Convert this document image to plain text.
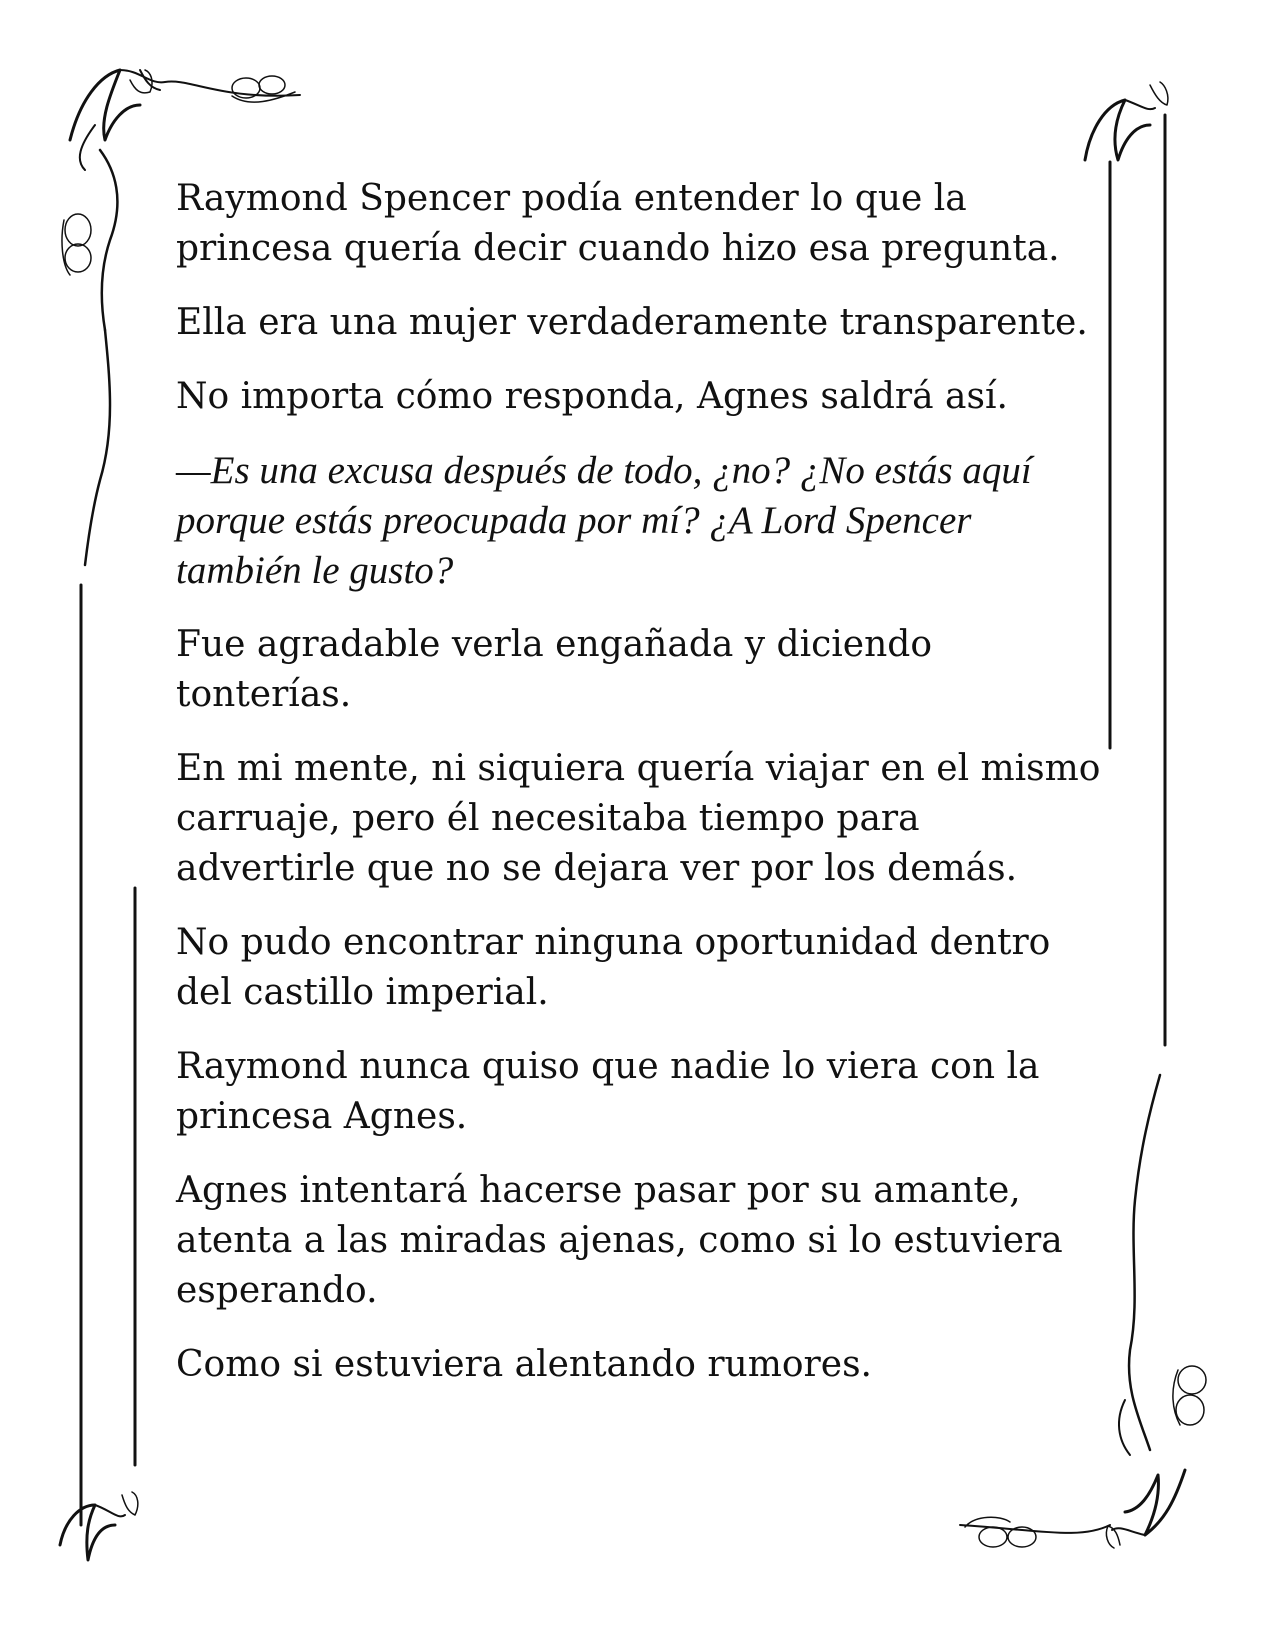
Raymond Spencer podía entender lo que la princesa quería decir cuando hizo esa pregunta.

Ella era una mujer verdaderamente transparente.

No importa cómo responda, Agnes saldrá así.

—Es una excusa después de todo, ¿no? ¿No estás aquí porque estás preocupada por mí? ¿A Lord Spencer también le gusto?

Fue agradable verla engañada y diciendo tonterías.

En mi mente, ni siquiera quería viajar en el mismo carruaje, pero él necesitaba tiempo para advertirle que no se dejara ver por los demás.

No pudo encontrar ninguna oportunidad dentro del castillo imperial.

Raymond nunca quiso que nadie lo viera con la princesa Agnes.

Agnes intentará hacerse pasar por su amante, atenta a las miradas ajenas, como si lo estuviera esperando.

Como si estuviera alentando rumores.
